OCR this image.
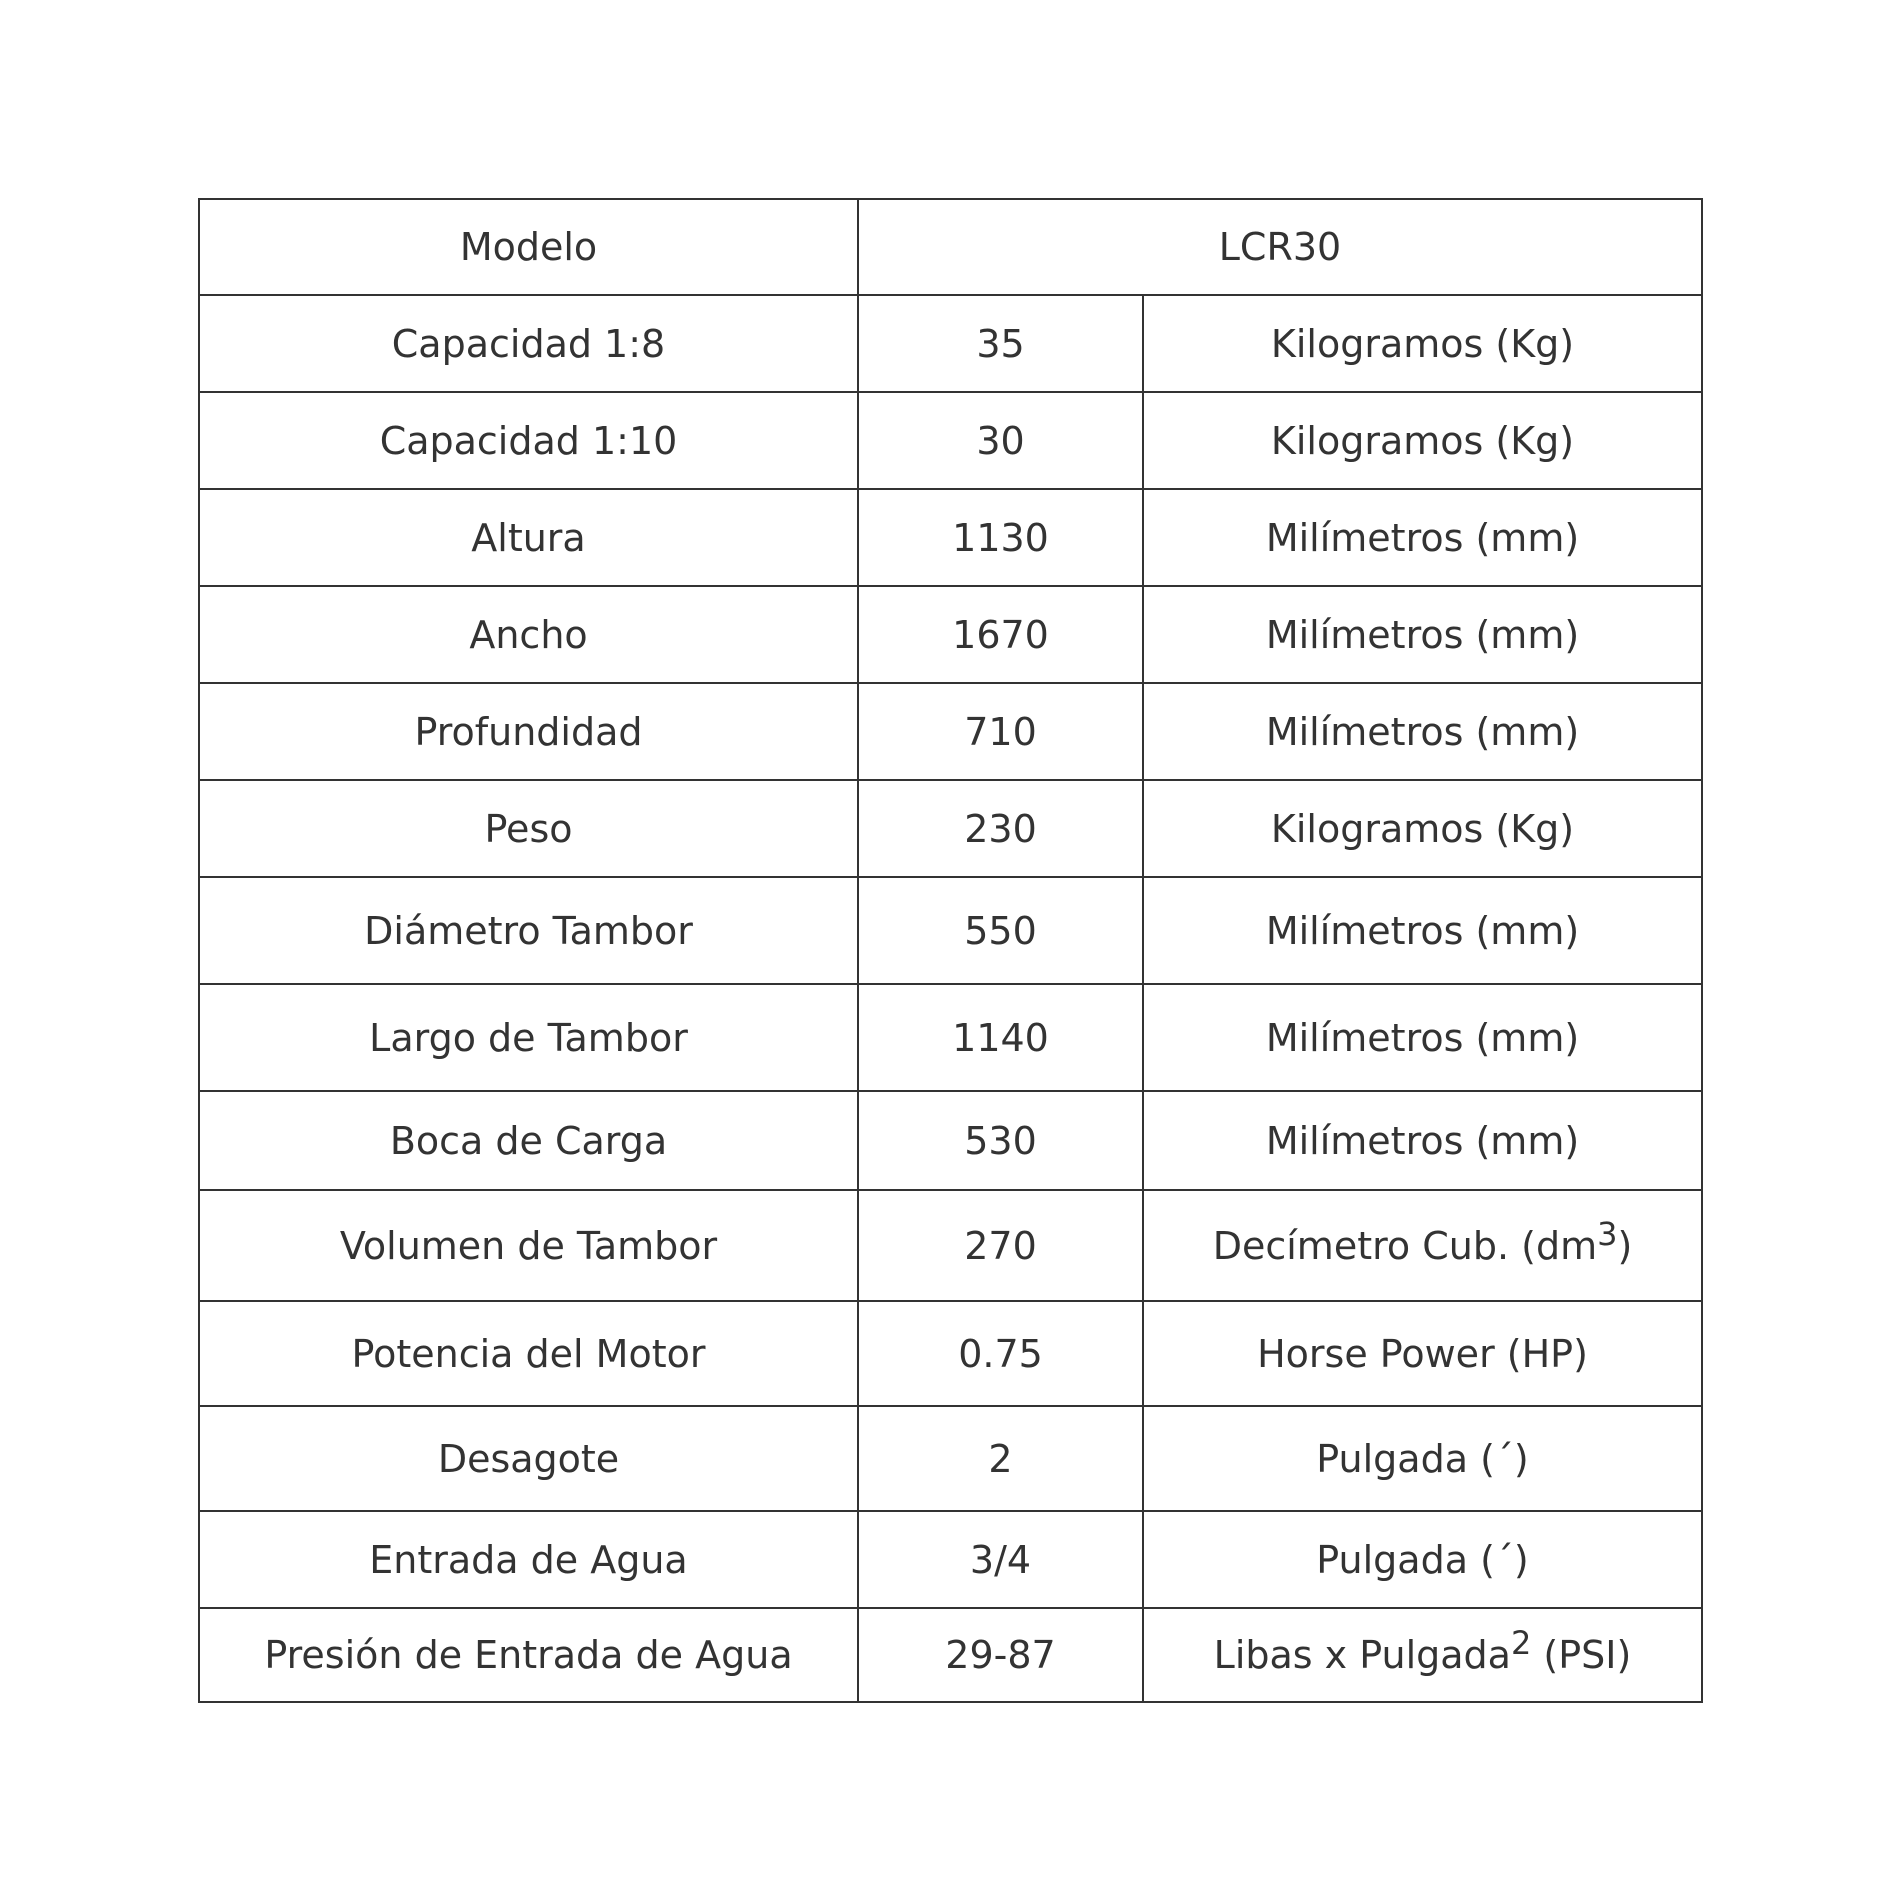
Modelo	LCR30	
Capacidad 1:8	35	Kilogramos (Kg)
Capacidad 1:10	30	Kilogramos (Kg)
Altura	1130	Milímetros (mm)
Ancho	1670	Milímetros (mm)
Profundidad	710	Milímetros (mm)
Peso	230	Kilogramos (Kg)
Diámetro Tambor	550	Milímetros (mm)
Largo de Tambor	1140	Milímetros (mm)
Boca de Carga	530	Milímetros (mm)
Volumen de Tambor	270	Decímetro Cub. $(dm^3)$
Potencia del Motor	0.75	Horse Power (HP)
Desagote	2	Pulgada (´)
Entrada de Agua	3/4	Pulgada (´)
Presión de Entrada de Agua	29-87	Libas x Pulgada$^2$ (PSI)
